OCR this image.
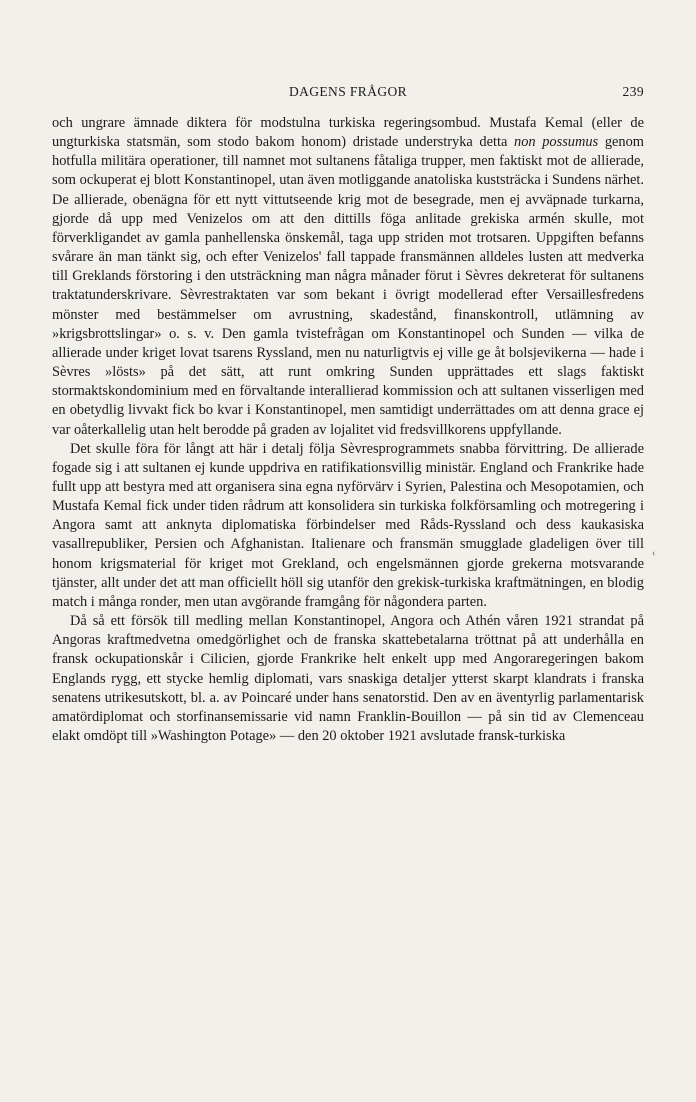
DAGENS FRÅGOR	239

och ungrare ämnade diktera för modstulna turkiska regeringsombud. Mustafa Kemal (eller de ungturkiska statsmän, som stodo bakom honom) dristade understryka detta non possumus genom hotfulla militära operationer, till namnet mot sultanens fåtaliga trupper, men faktiskt mot de allierade, som ockuperat ej blott Konstantinopel, utan även motliggande anatoliska kuststräcka i Sundens närhet. De allierade, obenägna för ett nytt vittutseende krig mot de besegrade, men ej avväpnade turkarna, gjorde då upp med Venizelos om att den dittills föga anlitade grekiska armén skulle, mot förverkligandet av gamla panhellenska önskemål, taga upp striden mot trotsaren. Uppgiften befanns svårare än man tänkt sig, och efter Venizelos' fall tappade fransmännen alldeles lusten att medverka till Greklands förstoring i den utsträckning man några månader förut i Sèvres dekreterat för sultanens traktatunderskrivare. Sèvrestraktaten var som bekant i övrigt modellerad efter Versaillesfredens mönster med bestämmelser om avrustning, skadestånd, finanskontroll, utlämning av »krigsbrottslingar» o. s. v. Den gamla tvistefrågan om Konstantinopel och Sunden — vilka de allierade under kriget lovat tsarens Ryssland, men nu naturligtvis ej ville ge åt bolsjevikerna — hade i Sèvres »lösts» på det sätt, att runt omkring Sunden upprättades ett slags faktiskt stormaktskondominium med en förvaltande interallierad kommission och att sultanen visserligen med en obetydlig livvakt fick bo kvar i Konstantinopel, men samtidigt underrättades om att denna grace ej var oåterkallelig utan helt berodde på graden av lojalitet vid fredsvillkorens uppfyllande.

Det skulle föra för långt att här i detalj följa Sèvresprogrammets snabba förvittring. De allierade fogade sig i att sultanen ej kunde uppdriva en ratifikationsvillig ministär. England och Frankrike hade fullt upp att bestyra med att organisera sina egna nyförvärv i Syrien, Palestina och Mesopotamien, och Mustafa Kemal fick under tiden rådrum att konsolidera sin turkiska folkförsamling och motregering i Angora samt att anknyta diplomatiska förbindelser med Råds-Ryssland och dess kaukasiska vasallrepubliker, Persien och Afghanistan. Italienare och fransmän smugglade gladeligen över till honom krigsmaterial för kriget mot Grekland, och engelsmännen gjorde grekerna motsvarande tjänster, allt under det att man officiellt höll sig utanför den grekisk-turkiska kraftmätningen, en blodig match i många ronder, men utan avgörande framgång för någondera parten.

Då så ett försök till medling mellan Konstantinopel, Angora och Athén våren 1921 strandat på Angoras kraftmedvetna omedgörlighet och de franska skattebetalarna tröttnat på att underhålla en fransk ockupationskår i Cilicien, gjorde Frankrike helt enkelt upp med Angoraregeringen bakom Englands rygg, ett stycke hemlig diplomati, vars snaskiga detaljer ytterst skarpt klandrats i franska senatens utrikesutskott, bl. a. av Poincaré under hans senatorstid. Den av en äventyrlig parlamentarisk amatördiplomat och storfinansemissarie vid namn Franklin-Bouillon — på sin tid av Clemenceau elakt omdöpt till »Washington Potage» — den 20 oktober 1921 avslutade fransk-turkiska

‹
